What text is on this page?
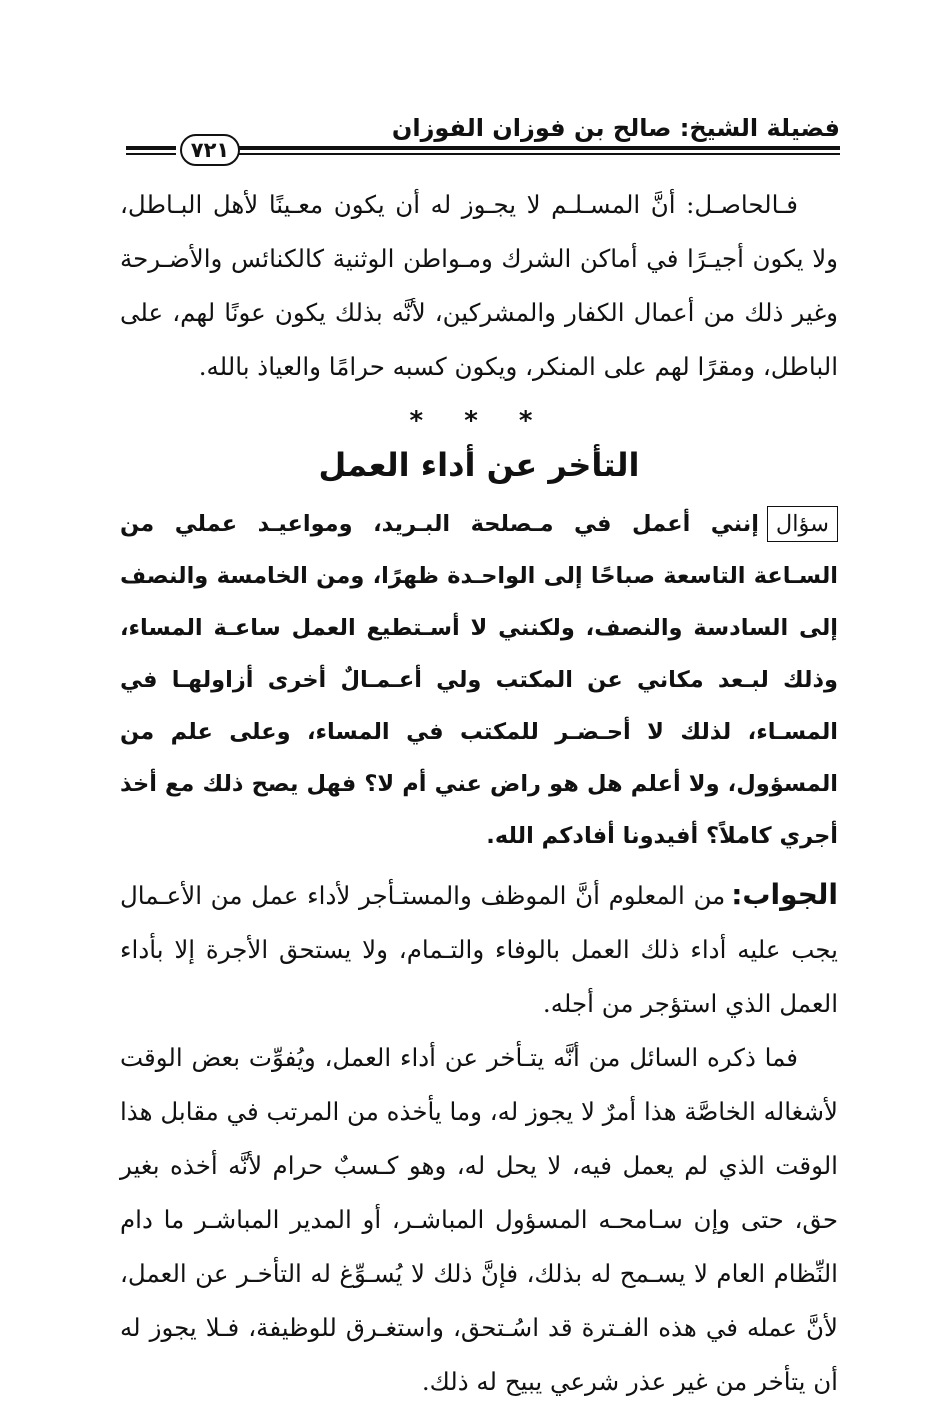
فضيلة الشيخ: صالح بن فوزان الفوزان
٧٢١

فـالحاصـل: أنَّ المسـلـم لا يجـوز له أن يكون معـينًا لأهل البـاطل، ولا يكون أجيـرًا في أماكن الشرك ومـواطن الوثنية كالكنائس والأضـرحة وغير ذلك من أعمال الكفار والمشركين، لأنَّه بذلك يكون عونًا لهم، على الباطل، ومقرًا لهم على المنكر، ويكون كسبه حرامًا والعياذ بالله.

* * *

التأخر عن أداء العمل

سؤالإنني أعمل في مـصلحة البـريد، ومواعيـد عملي من السـاعة التاسعة صباحًا إلى الواحـدة ظهرًا، ومن الخامسة والنصف إلى السادسة والنصف، ولكنني لا أسـتطيع العمل ساعـة المساء، وذلك لبـعد مكاني عن المكتب ولي أعـمـالٌ أخرى أزاولهـا في المسـاء، لذلك لا أحـضـر للمكتب في المساء، وعلى علم من المسؤول، ولا أعلم هل هو راض عني أم لا؟ فهل يصح ذلك مع أخذ أجري كاملاً؟ أفيدونا أفادكم الله.

الجواب:من المعلوم أنَّ الموظف والمستـأجر لأداء عمل من الأعـمال يجب عليه أداء ذلك العمل بالوفاء والتـمام، ولا يستحق الأجرة إلا بأداء العمل الذي استؤجر من أجله.

فما ذكره السائل من أنَّه يتـأخر عن أداء العمل، ويُفوِّت بعض الوقت لأشغاله الخاصَّة هذا أمرٌ لا يجوز له، وما يأخذه من المرتب في مقابل هذا الوقت الذي لم يعمل فيه، لا يحل له، وهو كـسبٌ حرام لأنَّه أخذه بغير حق، حتى وإن سـامحـه المسؤول المباشـر، أو المدير المباشـر ما دام النِّظام العام لا يسـمح له بذلك، فإنَّ ذلك لا يُسـوِّغ له التأخـر عن العمل، لأنَّ عمله في هذه الفـترة قد اسُـتحق، واستغـرق للوظيفة، فـلا يجوز له أن يتأخر من غير عذر شرعي يبيح له ذلك.
